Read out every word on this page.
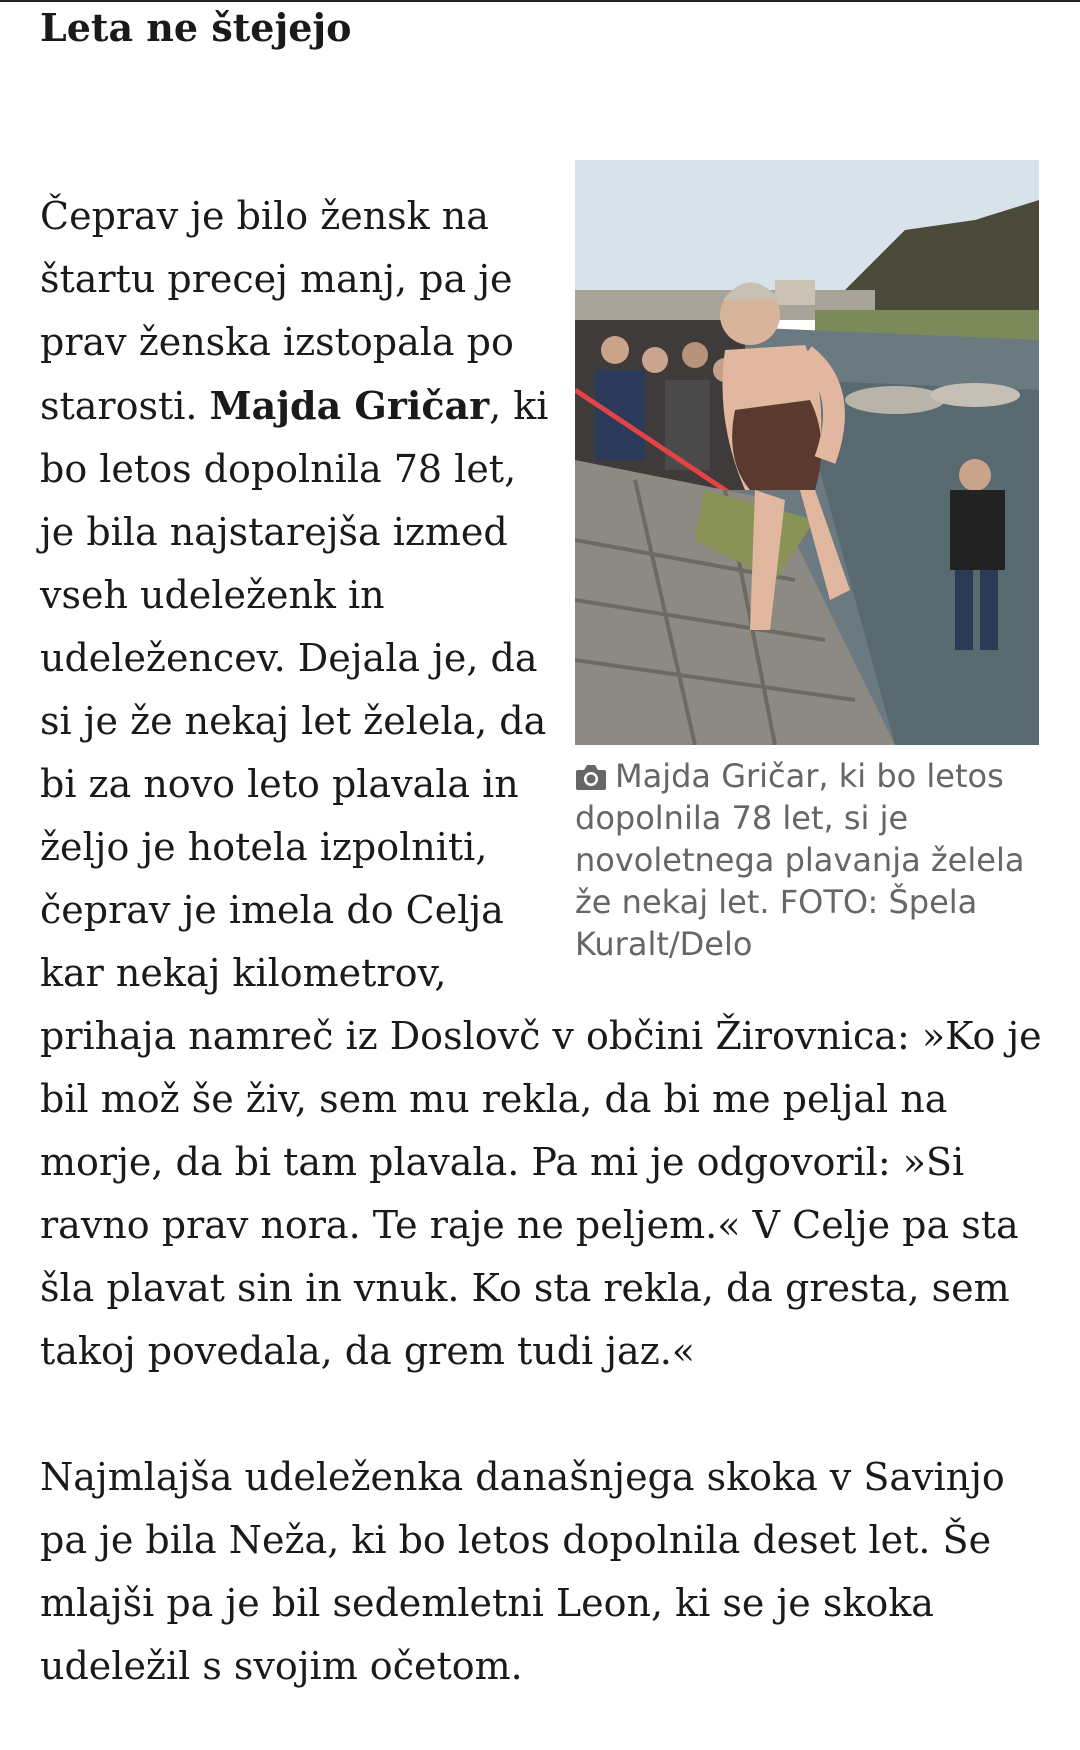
Leta ne štejejo
Majda Gričar, ki bo letos dopolnila 78 let, si je novoletnega plavanja želela že nekaj let. FOTO: Špela Kuralt/Delo

Čeprav je bilo žensk na štartu precej manj, pa je prav ženska izstopala po starosti. Majda Gričar, ki bo letos dopolnila 78 let, je bila najstarejša izmed vseh udeleženk in udeležencev. Dejala je, da si je že nekaj let želela, da bi za novo leto plavala in željo je hotela izpolniti, čeprav je imela do Celja kar nekaj kilometrov, prihaja namreč iz Doslovč v občini Žirovnica: »Ko je bil mož še živ, sem mu rekla, da bi me peljal na morje, da bi tam plavala. Pa mi je odgovoril: »Si ravno prav nora. Te raje ne peljem.« V Celje pa sta šla plavat sin in vnuk. Ko sta rekla, da gresta, sem takoj povedala, da grem tudi jaz.«

Najmlajša udeleženka današnjega skoka v Savinjo pa je bila Neža, ki bo letos dopolnila deset let. Še mlajši pa je bil sedemletni Leon, ki se je skoka udeležil s svojim očetom.
